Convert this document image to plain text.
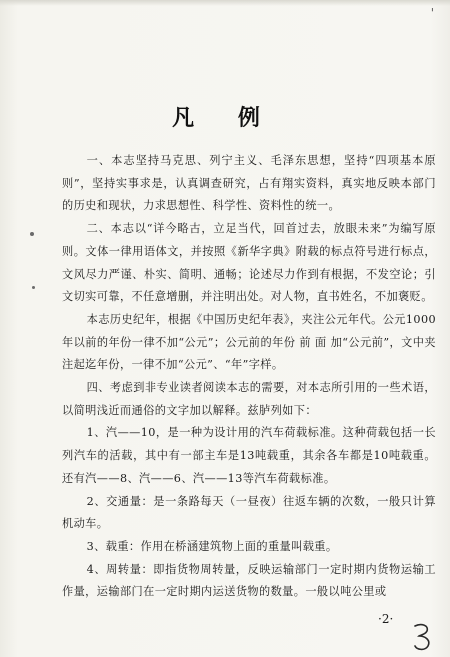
'
凡 例

一、本志坚持马克思、列宁主义、毛泽东思想，坚持“四项基本原则”，坚持实事求是，认真调查研究，占有翔实资料，真实地反映本部门的历史和现状，力求思想性、科学性、资料性的统一。

二、本志以“详今略古，立足当代，回首过去，放眼未来”为编写原则。文体一律用语体文，并按照《新华字典》附载的标点符号进行标点，文风尽力严谨、朴实、简明、通畅；论述尽力作到有根据，不发空论；引文切实可靠，不任意增删，并注明出处。对人物，直书姓名，不加褒贬。

本志历史纪年，根据《中国历史纪年表》，夹注公元年代。公元1000年以前的年份一律不加“公元”；公元前的年份 前 面 加“公元前”，文中夹注起迄年份，一律不加“公元”、“年”字样。

四、考虑到非专业读者阅读本志的需要，对本志所引用的一些术语，以简明浅近而通俗的文字加以解释。兹胪列如下：

1、汽——10，是一种为设计用的汽车荷载标准。这种荷载包括一长列汽车的活载，其中有一部主车是13吨载重，其余各车都是10吨载重。还有汽——8、汽——6、汽——13等汽车荷载标准。

2、交通量：是一条路每天（一昼夜）往返车辆的次数，一般只计算机动车。

3、载重：作用在桥涵建筑物上面的重量叫载重。

4、周转量：即指货物周转量，反映运输部门一定时期内货物运输工作量，运输部门在一定时期内运送货物的数量。一般以吨公里或

·2·
